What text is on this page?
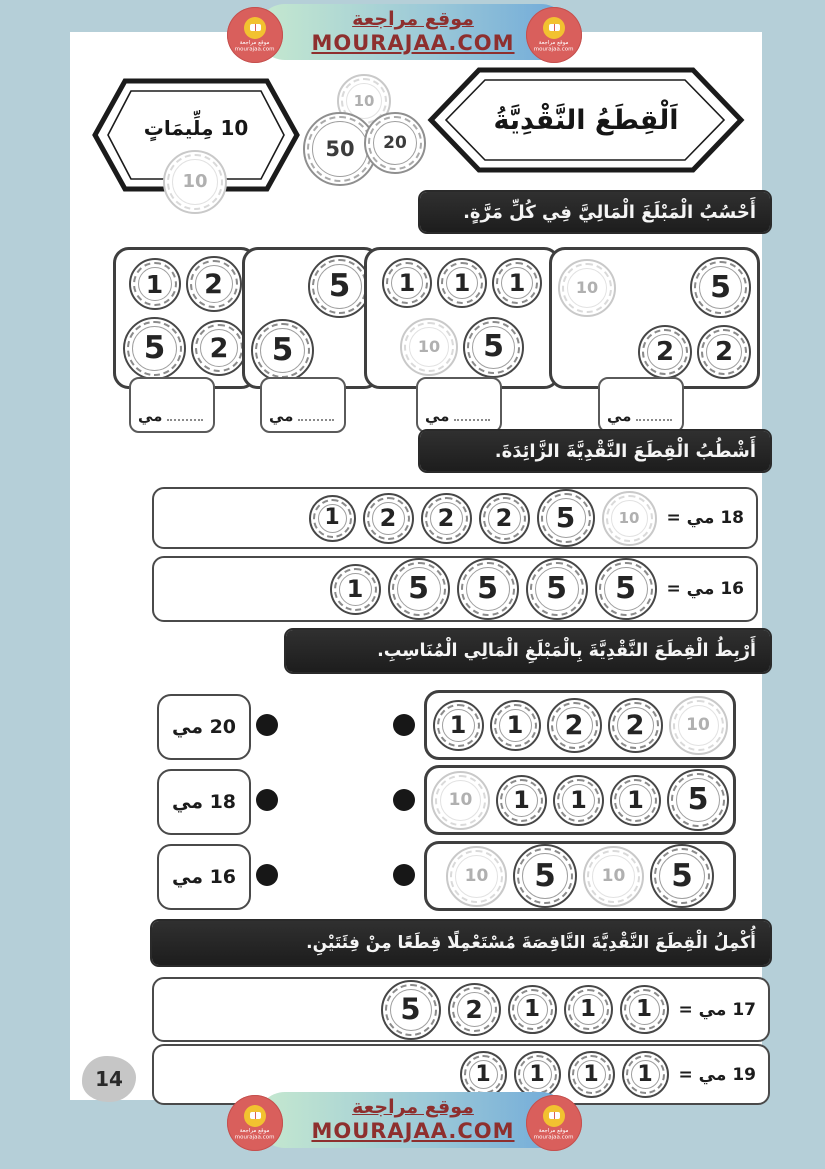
موقع مراجعة
MOURAJAA.COM
موقع مراجعة
mourajaa.com
موقع مراجعة
mourajaa.com
اَلْقِطَعُ النَّقْدِيَّةُ
10 مِلِّيمَاتٍ
10
10
50 20
أَحْسُبُ الْمَبْلَغَ الْمَالِيَّ فِي كُلِّ مَرَّةٍ.
1 2
5 2
5
5
1 1 1
10 5
10	5
2 2
مي	مي	مي	مي
أَشْطُبُ الْقِطَعَ النَّقْدِيَّةَ الزَّائِدَةَ.
18 مي =
10
5
2
2
2
1
16 مي =
5
5
5
5
1
أَرْبِطُ الْقِطَعَ النَّقْدِيَّةَ بِالْمَبْلَغِ الْمَالِي الْمُنَاسِبِ.
20 مي
18 مي
16 مي
1 1 2 2 10
10 1 1 1 5
10 5	10 5
أُكْمِلُ الْقِطَعَ النَّقْدِيَّةَ النَّاقِصَةَ مُسْتَعْمِلًا قِطَعًا مِنْ فِئَتَيْنِ.
17 مي =
1
1
1
2
5
19 مي =
1
1
1
1
14
موقع مراجعة
MOURAJAA.COM
موقع مراجعة
mourajaa.com
موقع مراجعة
mourajaa.com
